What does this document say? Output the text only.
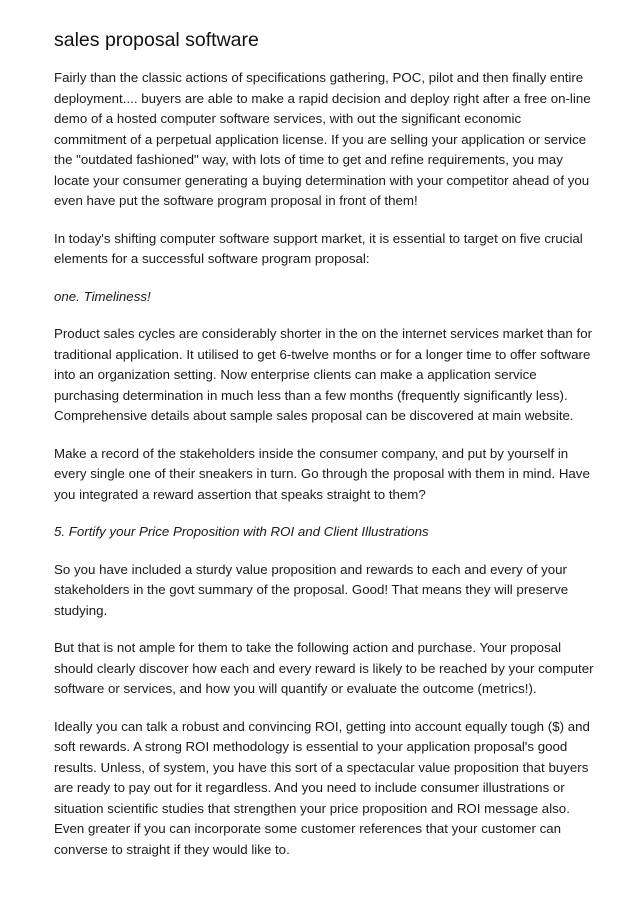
sales proposal software

Fairly than the classic actions of specifications gathering, POC, pilot and then finally entire deployment.... buyers are able to make a rapid decision and deploy right after a free on-line demo of a hosted computer software services, with out the significant economic commitment of a perpetual application license. If you are selling your application or service the "outdated fashioned" way, with lots of time to get and refine requirements, you may locate your consumer generating a buying determination with your competitor ahead of you even have put the software program proposal in front of them!

In today's shifting computer software support market, it is essential to target on five crucial elements for a successful software program proposal:

one. Timeliness!

Product sales cycles are considerably shorter in the on the internet services market than for traditional application. It utilised to get 6-twelve months or for a longer time to offer software into an organization setting. Now enterprise clients can make a application service purchasing determination in much less than a few months (frequently significantly less). Comprehensive details about sample sales proposal can be discovered at main website.

Make a record of the stakeholders inside the consumer company, and put by yourself in every single one of their sneakers in turn. Go through the proposal with them in mind. Have you integrated a reward assertion that speaks straight to them?

5. Fortify your Price Proposition with ROI and Client Illustrations

So you have included a sturdy value proposition and rewards to each and every of your stakeholders in the govt summary of the proposal. Good! That means they will preserve studying.

But that is not ample for them to take the following action and purchase. Your proposal should clearly discover how each and every reward is likely to be reached by your computer software or services, and how you will quantify or evaluate the outcome (metrics!).

Ideally you can talk a robust and convincing ROI, getting into account equally tough ($) and soft rewards. A strong ROI methodology is essential to your application proposal's good results. Unless, of system, you have this sort of a spectacular value proposition that buyers are ready to pay out for it regardless. And you need to include consumer illustrations or situation scientific studies that strengthen your price proposition and ROI message also. Even greater if you can incorporate some customer references that your customer can converse to straight if they would like to.
